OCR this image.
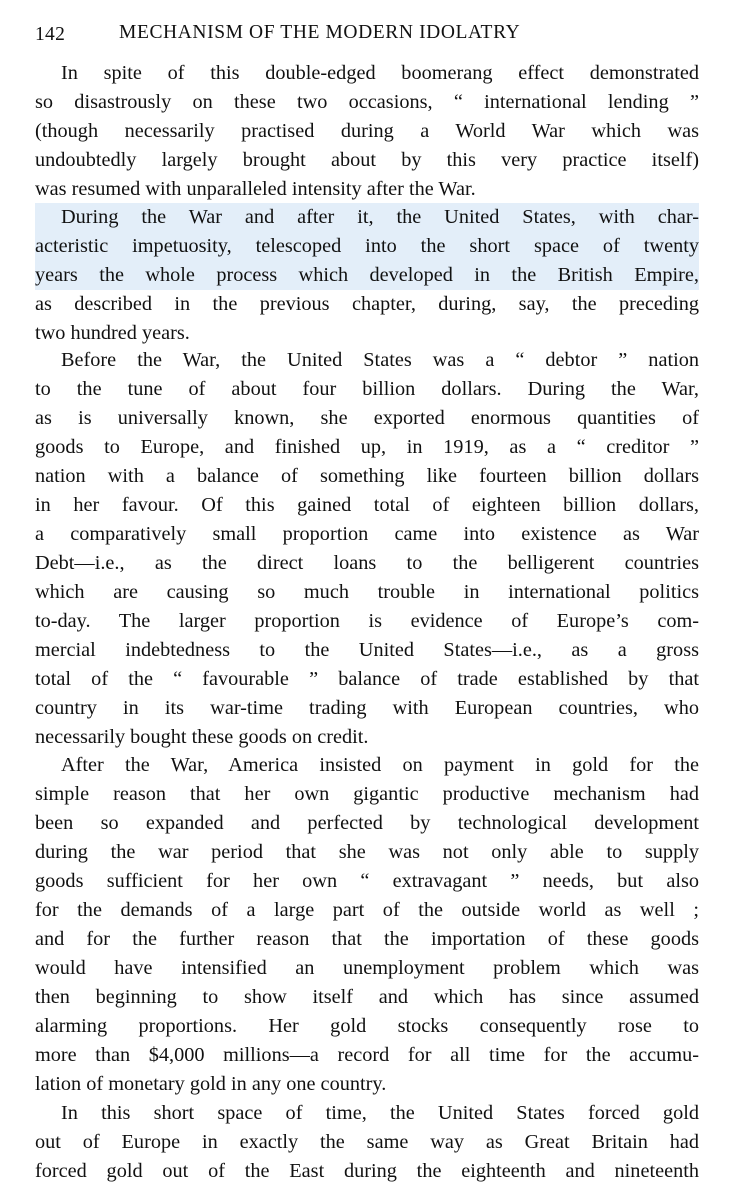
142	MECHANISM OF THE MODERN IDOLATRY
In spite of this double-edged boomerang effect demonstrated
so disastrously on these two occasions, “ international lending ”
(though necessarily practised during a World War which was
undoubtedly largely brought about by this very practice itself)
was resumed with unparalleled intensity after the War.
During the War and after it, the United States, with char-
acteristic impetuosity, telescoped into the short space of twenty
years the whole process which developed in the British Empire,
as described in the previous chapter, during, say, the preceding
two hundred years.
Before the War, the United States was a “ debtor ” nation
to the tune of about four billion dollars. During the War,
as is universally known, she exported enormous quantities of
goods to Europe, and finished up, in 1919, as a “ creditor ”
nation with a balance of something like fourteen billion dollars
in her favour. Of this gained total of eighteen billion dollars,
a comparatively small proportion came into existence as War
Debt—i.e., as the direct loans to the belligerent countries
which are causing so much trouble in international politics
to-day. The larger proportion is evidence of Europe’s com-
mercial indebtedness to the United States—i.e., as a gross
total of the “ favourable ” balance of trade established by that
country in its war-time trading with European countries, who
necessarily bought these goods on credit.
After the War, America insisted on payment in gold for the
simple reason that her own gigantic productive mechanism had
been so expanded and perfected by technological development
during the war period that she was not only able to supply
goods sufficient for her own “ extravagant ” needs, but also
for the demands of a large part of the outside world as well ;
and for the further reason that the importation of these goods
would have intensified an unemployment problem which was
then beginning to show itself and which has since assumed
alarming proportions. Her gold stocks consequently rose to
more than $4,000 millions—a record for all time for the accumu-
lation of monetary gold in any one country.
In this short space of time, the United States forced gold
out of Europe in exactly the same way as Great Britain had
forced gold out of the East during the eighteenth and nineteenth
